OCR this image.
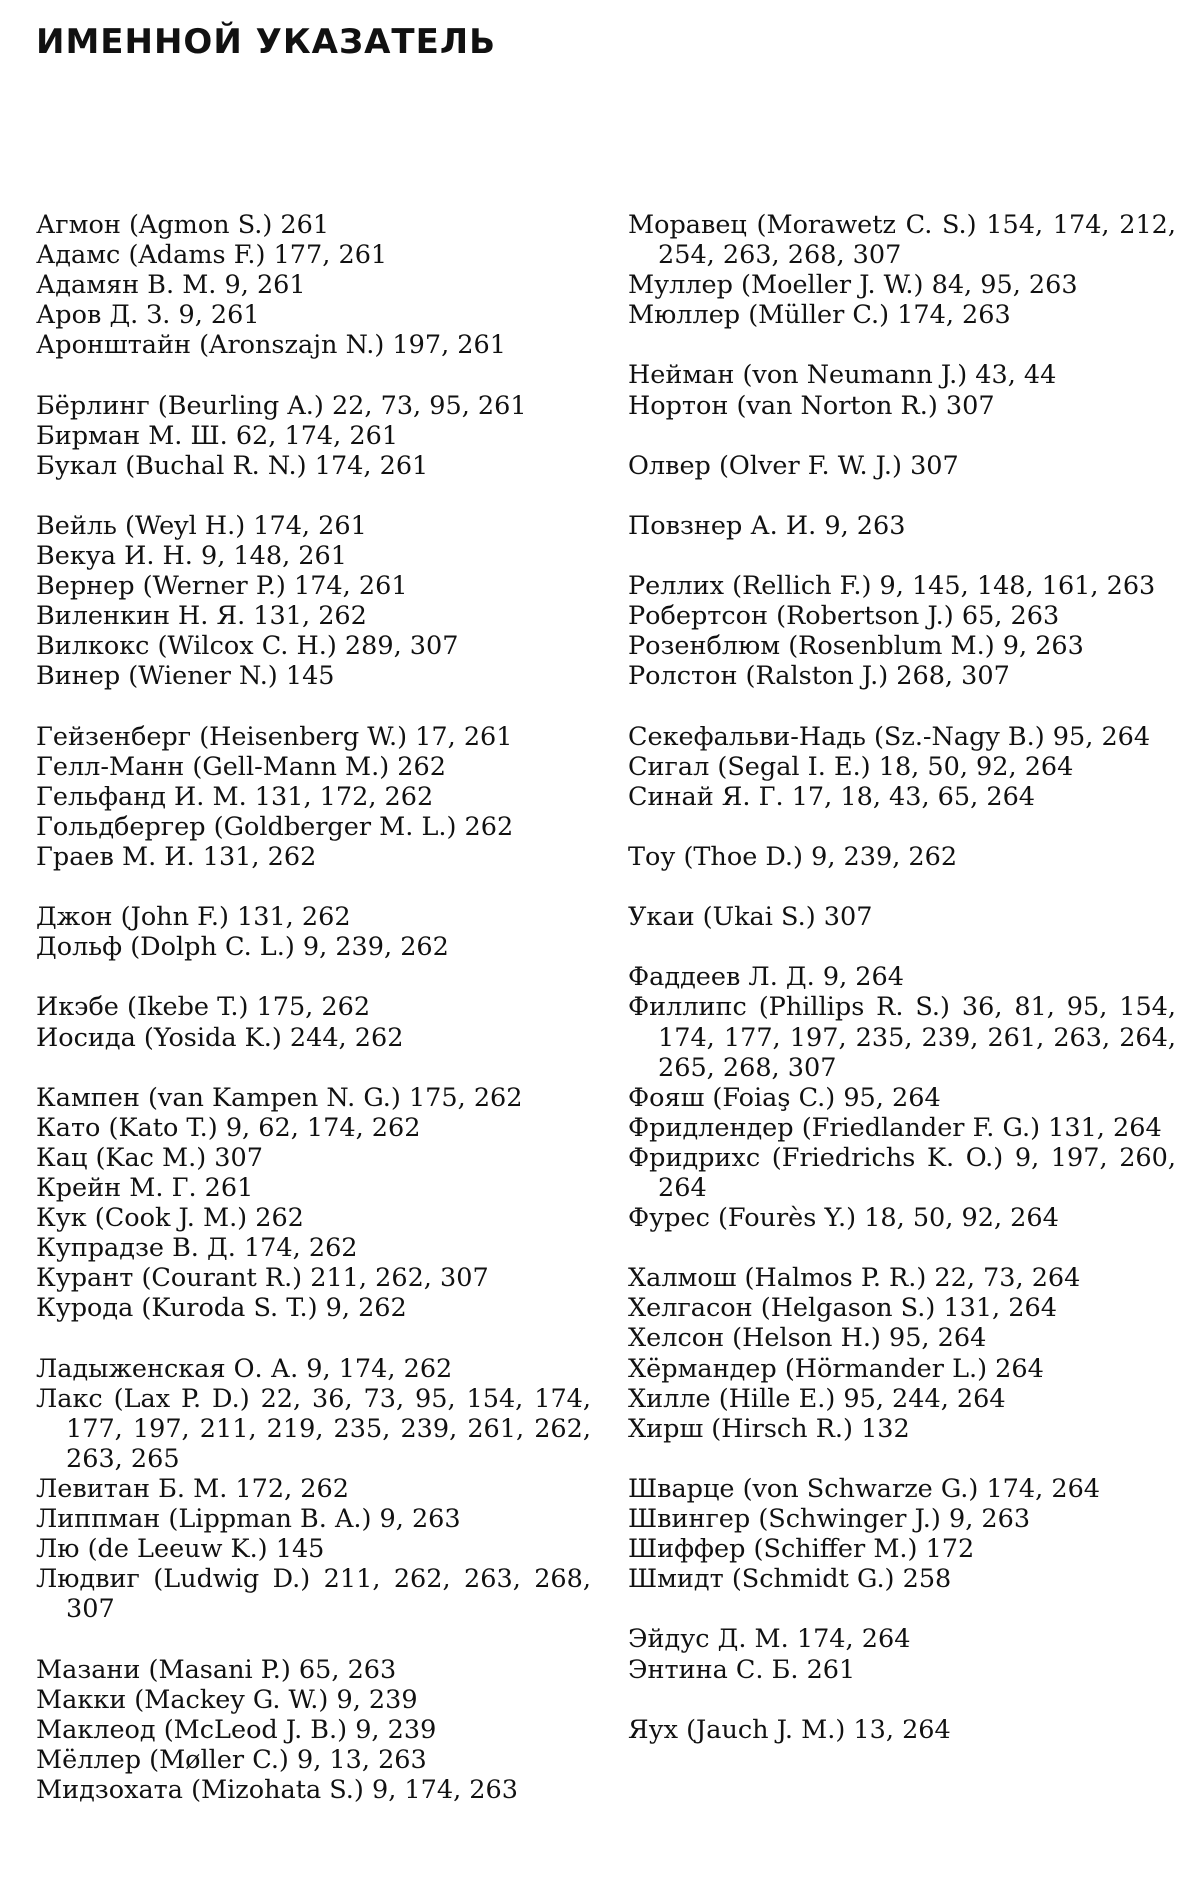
ИМЕННОЙ УКАЗАТЕЛЬ
Агмон (Agmon S.) 261
Адамс (Adams F.) 177, 261
Адамян В. М. 9, 261
Аров Д. З. 9, 261
Аронштайн (Aronszajn N.) 197, 261
Бёрлинг (Beurling A.) 22, 73, 95, 261
Бирман М. Ш. 62, 174, 261
Букал (Buchal R. N.) 174, 261
Вейль (Weyl H.) 174, 261
Векуа И. Н. 9, 148, 261
Вернер (Werner P.) 174, 261
Виленкин Н. Я. 131, 262
Вилкокс (Wilcox C. H.) 289, 307
Винер (Wiener N.) 145
Гейзенберг (Heisenberg W.) 17, 261
Гелл-Манн (Gell-Mann M.) 262
Гельфанд И. М. 131, 172, 262
Гольдбергер (Goldberger M. L.) 262
Граев М. И. 131, 262
Джон (John F.) 131, 262
Дольф (Dolph C. L.) 9, 239, 262
Икэбе (Ikebe T.) 175, 262
Иосида (Yosida K.) 244, 262
Кампен (van Kampen N. G.) 175, 262
Като (Kato T.) 9, 62, 174, 262
Кац (Kac M.) 307
Крейн М. Г. 261
Кук (Cook J. M.) 262
Купрадзе В. Д. 174, 262
Курант (Courant R.) 211, 262, 307
Курода (Kuroda S. T.) 9, 262
Ладыженская О. А. 9, 174, 262
Лакс (Lax P. D.) 22, 36, 73, 95, 154, 174, 177, 197, 211, 219, 235, 239, 261, 262, 263, 265
Левитан Б. М. 172, 262
Липпман (Lippman B. A.) 9, 263
Лю (de Leeuw K.) 145
Людвиг (Ludwig D.) 211, 262, 263, 268, 307
Мазани (Masani P.) 65, 263
Макки (Mackey G. W.) 9, 239
Маклеод (McLeod J. B.) 9, 239
Мёллер (Møller C.) 9, 13, 263
Мидзохата (Mizohata S.) 9, 174, 263
Моравец (Morawetz C. S.) 154, 174, 212, 254, 263, 268, 307
Муллер (Moeller J. W.) 84, 95, 263
Мюллер (Müller C.) 174, 263
Нейман (von Neumann J.) 43, 44
Нортон (van Norton R.) 307
Олвер (Olver F. W. J.) 307
Повзнер А. И. 9, 263
Реллих (Rellich F.) 9, 145, 148, 161, 263
Робертсон (Robertson J.) 65, 263
Розенблюм (Rosenblum M.) 9, 263
Ролстон (Ralston J.) 268, 307
Секефальви-Надь (Sz.-Nagy B.) 95, 264
Сигал (Segal I. E.) 18, 50, 92, 264
Синай Я. Г. 17, 18, 43, 65, 264
Тоу (Thoe D.) 9, 239, 262
Укаи (Ukai S.) 307
Фаддеев Л. Д. 9, 264
Филлипс (Phillips R. S.) 36, 81, 95, 154, 174, 177, 197, 235, 239, 261, 263, 264, 265, 268, 307
Фояш (Foiaş C.) 95, 264
Фридлендер (Friedlander F. G.) 131, 264
Фридрихс (Friedrichs K. O.) 9, 197, 260, 264
Фурес (Fourès Y.) 18, 50, 92, 264
Халмош (Halmos P. R.) 22, 73, 264
Хелгасон (Helgason S.) 131, 264
Хелсон (Helson H.) 95, 264
Хёрмандер (Hörmander L.) 264
Хилле (Hille E.) 95, 244, 264
Хирш (Hirsch R.) 132
Шварце (von Schwarze G.) 174, 264
Швингер (Schwinger J.) 9, 263
Шиффер (Schiffer M.) 172
Шмидт (Schmidt G.) 258
Эйдус Д. М. 174, 264
Энтина С. Б. 261
Яух (Jauch J. M.) 13, 264
